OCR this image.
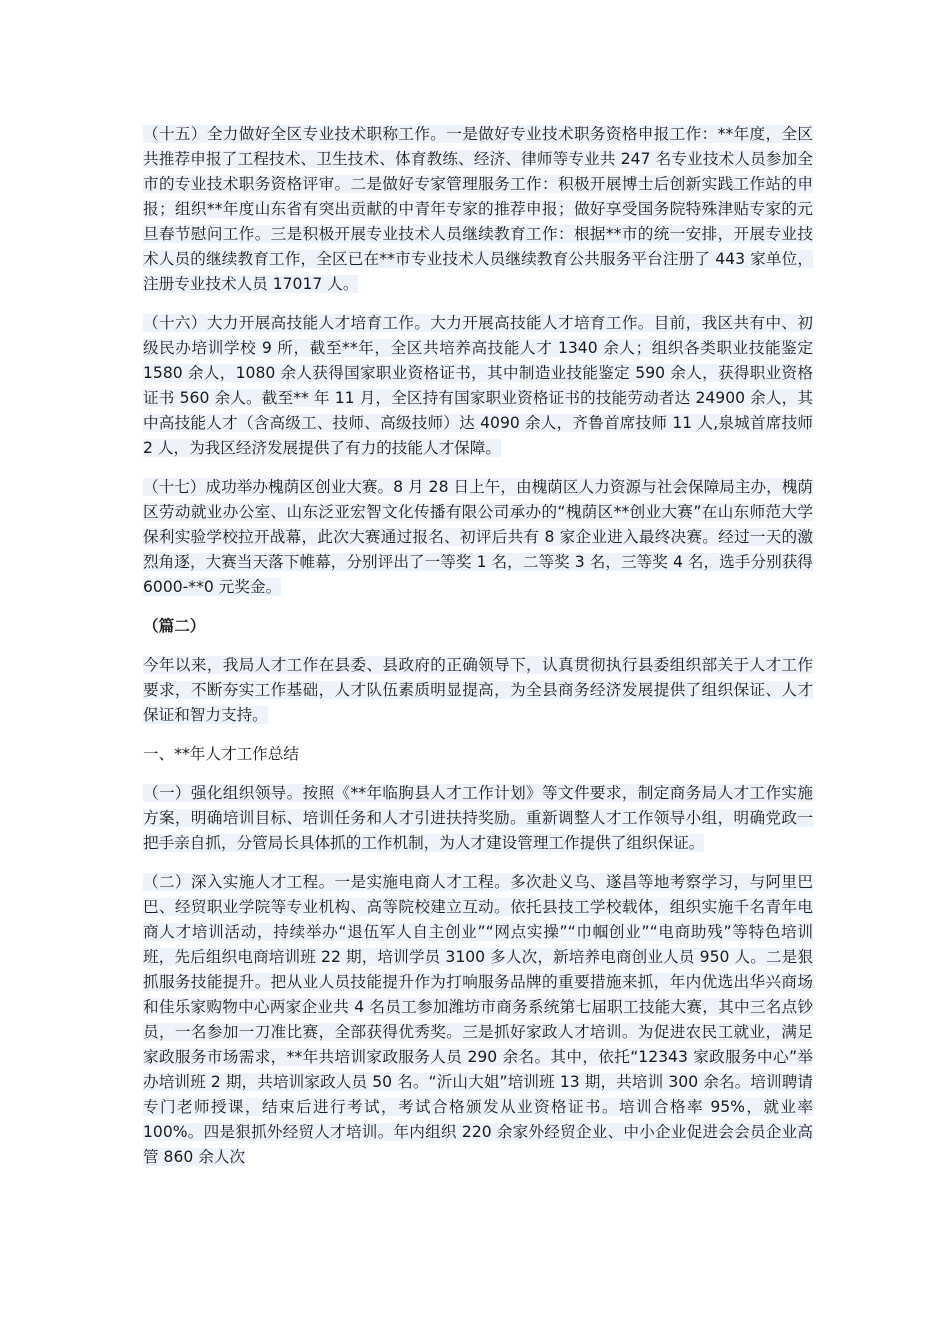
（十五）全力做好全区专业技术职称工作。一是做好专业技术职务资格申报工作：**年度，全区共推荐申报了工程技术、卫生技术、体育教练、经济、律师等专业共 247 名专业技术人员参加全市的专业技术职务资格评审。二是做好专家管理服务工作：积极开展博士后创新实践工作站的申报；组织**年度山东省有突出贡献的中青年专家的推荐申报；做好享受国务院特殊津贴专家的元旦春节慰问工作。三是积极开展专业技术人员继续教育工作：根据**市的统一安排，开展专业技术人员的继续教育工作，全区已在**市专业技术人员继续教育公共服务平台注册了 443 家单位，注册专业技术人员 17017 人。

（十六）大力开展高技能人才培育工作。大力开展高技能人才培育工作。目前，我区共有中、初级民办培训学校 9 所，截至**年，全区共培养高技能人才 1340 余人；组织各类职业技能鉴定 1580 余人，1080 余人获得国家职业资格证书，其中制造业技能鉴定 590 余人，获得职业资格证书 560 余人。截至** 年 11 月，全区持有国家职业资格证书的技能劳动者达 24900 余人，其中高技能人才（含高级工、技师、高级技师）达 4090 余人，齐鲁首席技师 11 人,泉城首席技师 2 人，为我区经济发展提供了有力的技能人才保障。

（十七）成功举办槐荫区创业大赛。8 月 28 日上午，由槐荫区人力资源与社会保障局主办，槐荫区劳动就业办公室、山东泛亚宏智文化传播有限公司承办的“槐荫区**创业大赛”在山东师范大学保利实验学校拉开战幕，此次大赛通过报名、初评后共有 8 家企业进入最终决赛。经过一天的激烈角逐，大赛当天落下帷幕，分别评出了一等奖 1 名，二等奖 3 名，三等奖 4 名，选手分别获得 6000-**0 元奖金。

（篇二）

今年以来，我局人才工作在县委、县政府的正确领导下，认真贯彻执行县委组织部关于人才工作要求，不断夯实工作基础，人才队伍素质明显提高，为全县商务经济发展提供了组织保证、人才保证和智力支持。

一、**年人才工作总结

（一）强化组织领导。按照《**年临朐县人才工作计划》等文件要求，制定商务局人才工作实施方案，明确培训目标、培训任务和人才引进扶持奖励。重新调整人才工作领导小组，明确党政一把手亲自抓，分管局长具体抓的工作机制，为人才建设管理工作提供了组织保证。

（二）深入实施人才工程。一是实施电商人才工程。多次赴义乌、遂昌等地考察学习，与阿里巴巴、经贸职业学院等专业机构、高等院校建立互动。依托县技工学校载体，组织实施千名青年电商人才培训活动，持续举办“退伍军人自主创业”“网点实操”“巾帼创业”“电商助残”等特色培训班，先后组织电商培训班 22 期，培训学员 3100 多人次，新培养电商创业人员 950 人。二是狠抓服务技能提升。把从业人员技能提升作为打响服务品牌的重要措施来抓，年内优选出华兴商场和佳乐家购物中心两家企业共 4 名员工参加潍坊市商务系统第七届职工技能大赛，其中三名点钞员，一名参加一刀准比赛，全部获得优秀奖。三是抓好家政人才培训。为促进农民工就业，满足家政服务市场需求，**年共培训家政服务人员 290 余名。其中，依托“12343 家政服务中心”举办培训班 2 期，共培训家政人员 50 名。“沂山大姐”培训班 13 期，共培训 300 余名。培训聘请专门老师授课，结束后进行考试，考试合格颁发从业资格证书。培训合格率 95%，就业率 100%。四是狠抓外经贸人才培训。年内组织 220 余家外经贸企业、中小企业促进会会员企业高管 860 余人次
